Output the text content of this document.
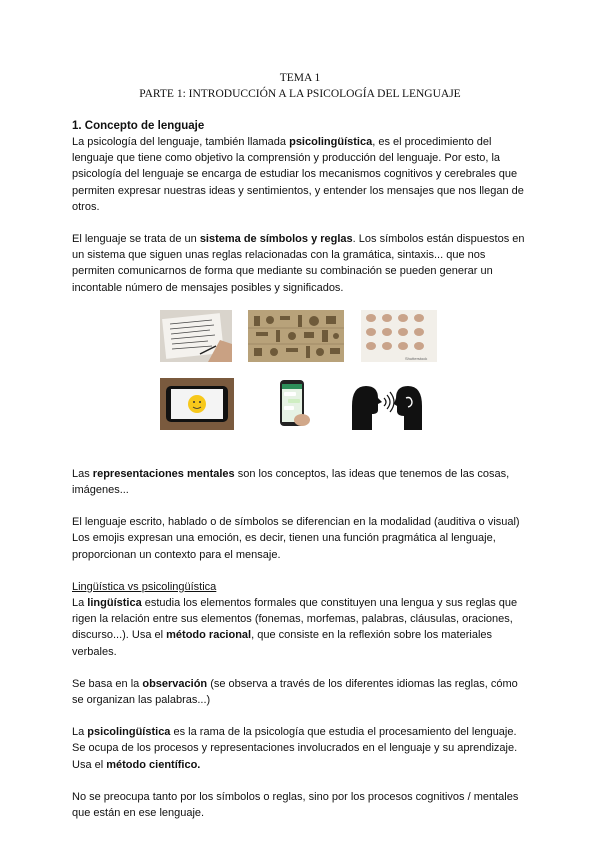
TEMA 1
PARTE 1: INTRODUCCIÓN A LA PSICOLOGÍA DEL LENGUAJE
1. Concepto de lenguaje

La psicología del lenguaje, también llamada psicolingüística, es el procedimiento del lenguaje que tiene como objetivo la comprensión y producción del lenguaje. Por esto, la psicología del lenguaje se encarga de estudiar los mecanismos cognitivos y cerebrales que permiten expresar nuestras ideas y sentimientos, y entender los mensajes que nos llegan de otros.

El lenguaje se trata de un sistema de símbolos y reglas. Los símbolos están dispuestos en un sistema que siguen unas reglas relacionadas con la gramática, sintaxis... que nos permiten comunicarnos de forma que mediante su combinación se pueden generar un incontable número de mensajes posibles y significados.

Shutterstock

Las representaciones mentales son los conceptos, las ideas que tenemos de las cosas, imágenes...

El lenguaje escrito, hablado o de símbolos se diferencian en la modalidad (auditiva o visual) Los emojis expresan una emoción, es decir, tienen una función pragmática al lenguaje, proporcionan un contexto para el mensaje.

Lingüística vs psicolingüística

La lingüística estudia los elementos formales que constituyen una lengua y sus reglas que rigen la relación entre sus elementos (fonemas, morfemas, palabras, cláusulas, oraciones, discurso...). Usa el método racional, que consiste en la reflexión sobre los materiales verbales.

Se basa en la observación (se observa a través de los diferentes idiomas las reglas, cómo se organizan las palabras...)

La psicolingüística es la rama de la psicología que estudia el procesamiento del lenguaje. Se ocupa de los procesos y representaciones involucrados en el lenguaje y su aprendizaje. Usa el método científico.

No se preocupa tanto por los símbolos o reglas, sino por los procesos cognitivos / mentales que están en ese lenguaje.
